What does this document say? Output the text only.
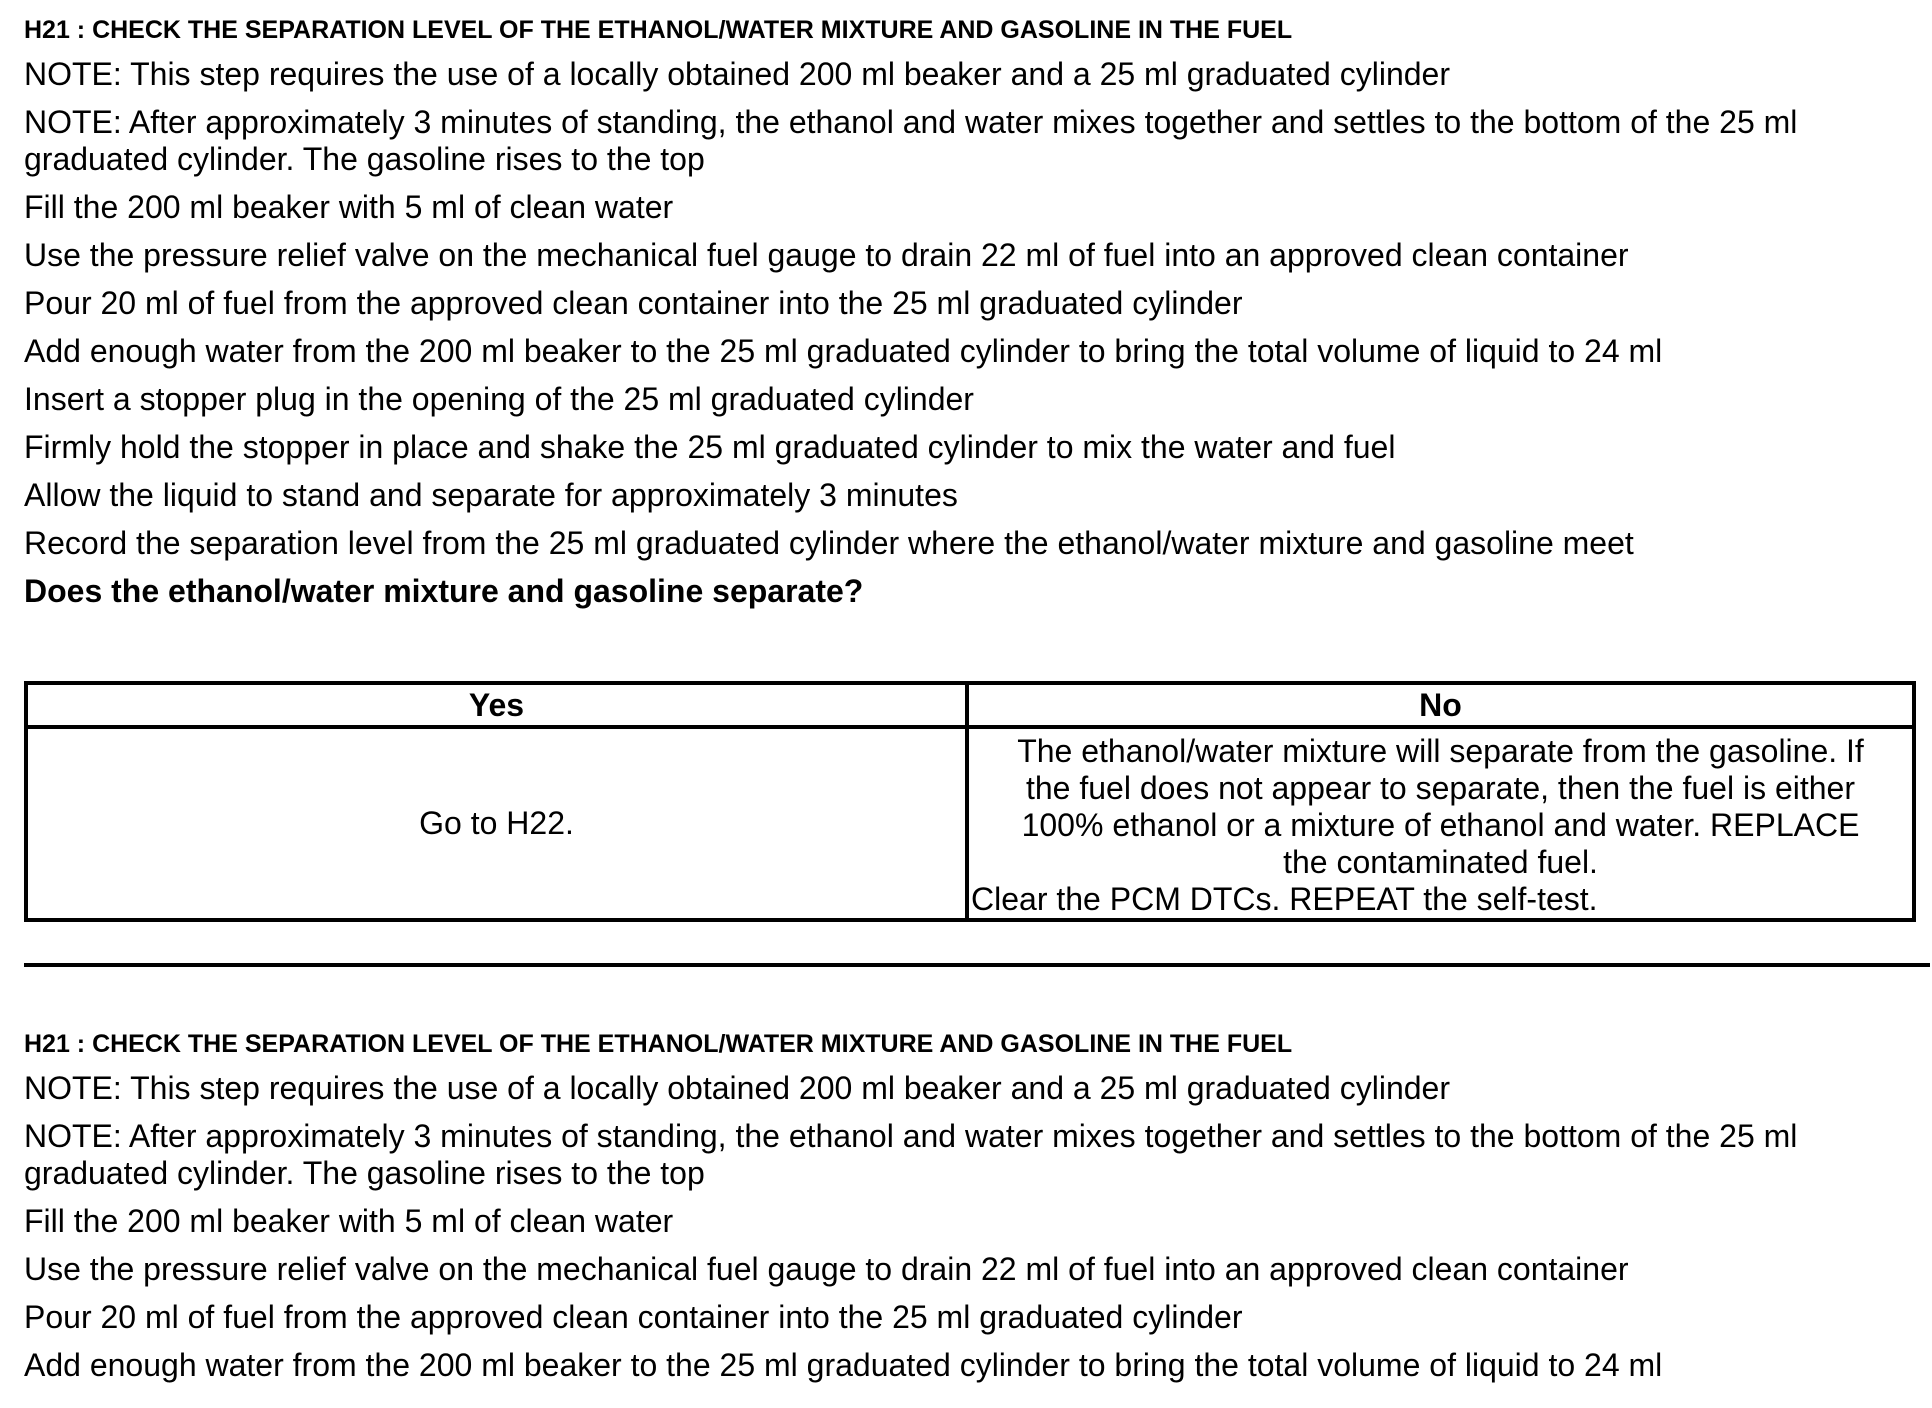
H21 : CHECK THE SEPARATION LEVEL OF THE ETHANOL/WATER MIXTURE AND GASOLINE IN THE FUEL
NOTE: This step requires the use of a locally obtained 200 ml beaker and a 25 ml graduated cylinder
NOTE: After approximately 3 minutes of standing, the ethanol and water mixes together and settles to the bottom of the 25 ml graduated cylinder. The gasoline rises to the top
Fill the 200 ml beaker with 5 ml of clean water
Use the pressure relief valve on the mechanical fuel gauge to drain 22 ml of fuel into an approved clean container
Pour 20 ml of fuel from the approved clean container into the 25 ml graduated cylinder
Add enough water from the 200 ml beaker to the 25 ml graduated cylinder to bring the total volume of liquid to 24 ml
Insert a stopper plug in the opening of the 25 ml graduated cylinder
Firmly hold the stopper in place and shake the 25 ml graduated cylinder to mix the water and fuel
Allow the liquid to stand and separate for approximately 3 minutes
Record the separation level from the 25 ml graduated cylinder where the ethanol/water mixture and gasoline meet
Does the ethanol/water mixture and gasoline separate?
Yes	No
Go to H22.	The ethanol/water mixture will separate from the gasoline. If the fuel does not appear to separate, then the fuel is either 100% ethanol or a mixture of ethanol and water. REPLACE the contaminated fuel.
Clear the PCM DTCs. REPEAT the self-test.
H21 : CHECK THE SEPARATION LEVEL OF THE ETHANOL/WATER MIXTURE AND GASOLINE IN THE FUEL
NOTE: This step requires the use of a locally obtained 200 ml beaker and a 25 ml graduated cylinder
NOTE: After approximately 3 minutes of standing, the ethanol and water mixes together and settles to the bottom of the 25 ml graduated cylinder. The gasoline rises to the top
Fill the 200 ml beaker with 5 ml of clean water
Use the pressure relief valve on the mechanical fuel gauge to drain 22 ml of fuel into an approved clean container
Pour 20 ml of fuel from the approved clean container into the 25 ml graduated cylinder
Add enough water from the 200 ml beaker to the 25 ml graduated cylinder to bring the total volume of liquid to 24 ml
